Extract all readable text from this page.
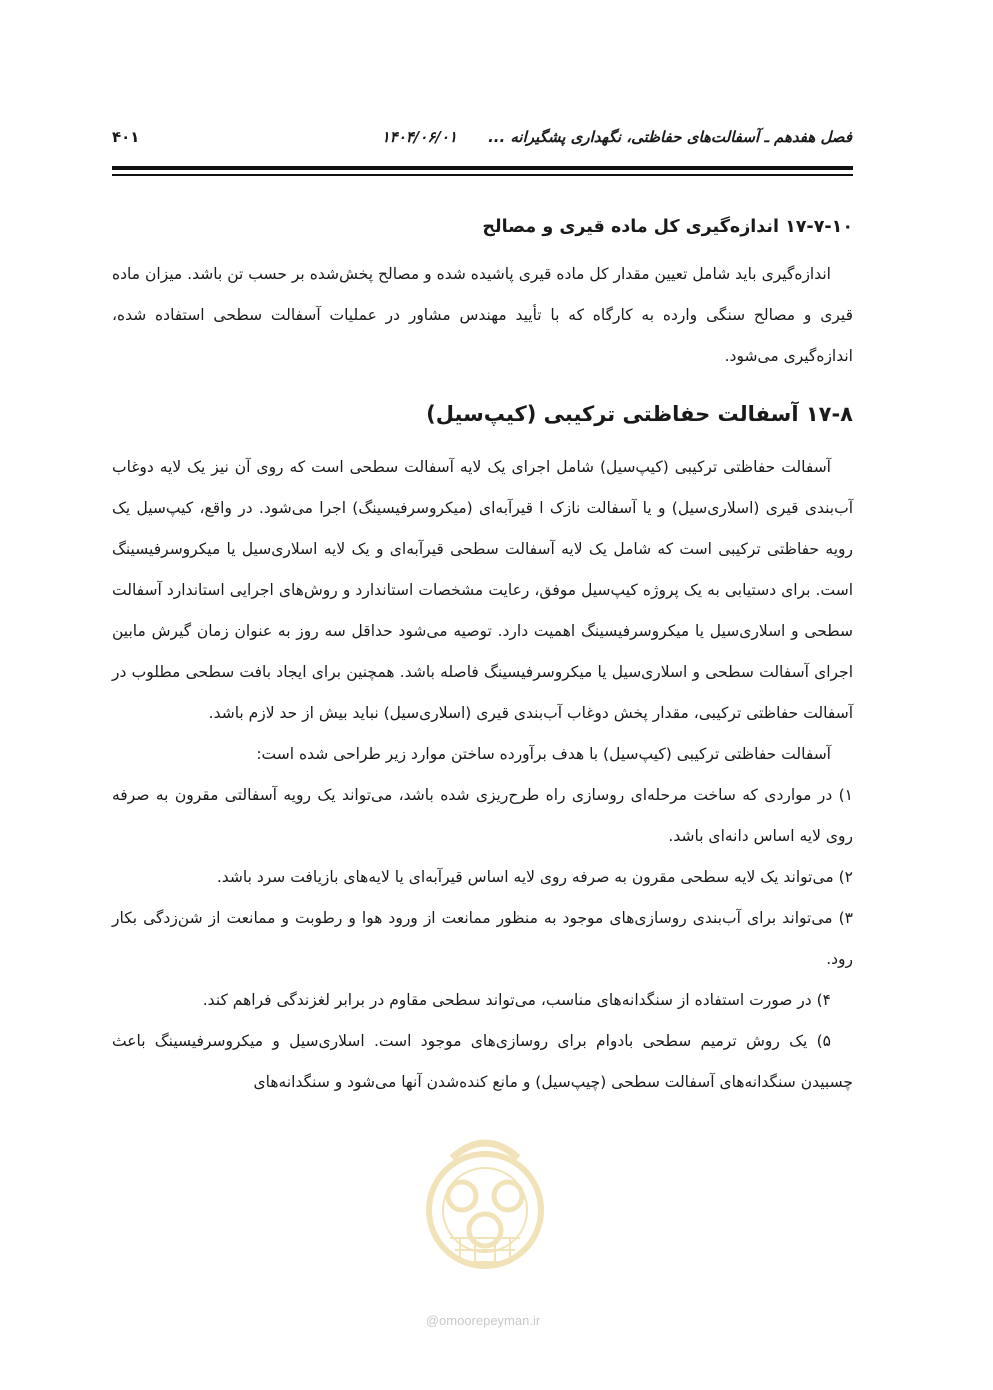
فصل هفدهم ـ آسفالت‌های حفاظتی، نگهداری پشگیرانه ...
۱۴۰۴/۰۶/۰۱
۴۰۱
۱۷-۷-۱۰ اندازه‌گیری کل ماده قیری و مصالح

اندازه‌گیری باید شامل تعیین مقدار کل ماده قیری پاشیده شده و مصالح پخش‌شده بر حسب تن باشد. میزان ماده قیری و مصالح سنگی وارده به کارگاه که با تأیید مهندس مشاور در عملیات آسفالت سطحی استفاده شده، اندازه‌گیری می‌شود.

۱۷-۸ آسفالت حفاظتی ترکیبی (کیپ‌سیل)

آسفالت حفاظتی ترکیبی (کیپ‌سیل) شامل اجرای یک لایه آسفالت سطحی است که روی آن نیز یک لایه دوغاب آب‌بندی قیری (اسلاری‌سیل) و یا آسفالت نازک ا قیرآبه‌ای (میکروسرفیسینگ) اجرا می‌شود. در واقع، کیپ‌سیل یک رویه حفاظتی ترکیبی است که شامل یک لایه آسفالت سطحی قیرآبه‌ای و یک لایه اسلاری‌سیل یا میکروسرفیسینگ است. برای دستیابی به یک پروژه کیپ‌سیل موفق، رعایت مشخصات استاندارد و روش‌های اجرایی استاندارد آسفالت سطحی و اسلاری‌سیل یا میکروسرفیسینگ اهمیت دارد. توصیه می‌شود حداقل سه روز به عنوان زمان گیرش مابین اجرای آسفالت سطحی و اسلاری‌سیل یا میکروسرفیسینگ فاصله باشد. همچنین برای ایجاد بافت سطحی مطلوب در آسفالت حفاظتی ترکیبی، مقدار پخش دوغاب آب‌بندی قیری (اسلاری‌سیل) نباید بیش از حد لازم باشد.

آسفالت حفاظتی ترکیبی (کیپ‌سیل) با هدف برآورده ساختن موارد زیر طراحی شده است:

۱) در مواردی که ساخت مرحله‌ای روسازی راه طرح‌ریزی شده باشد، می‌تواند یک رویه آسفالتی مقرون به صرفه روی لایه اساس دانه‌ای باشد.

۲) می‌تواند یک لایه سطحی مقرون به صرفه روی لایه اساس قیرآبه‌ای یا لایه‌های بازیافت سرد باشد.

۳) می‌تواند برای آب‌بندی روسازی‌های موجود به منظور ممانعت از ورود هوا و رطوبت و ممانعت از شن‌زدگی بکار رود.

۴) در صورت استفاده از سنگدانه‌های مناسب، می‌تواند سطحی مقاوم در برابر لغزندگی فراهم کند.

۵) یک روش ترمیم سطحی بادوام برای روسازی‌های موجود است. اسلاری‌سیل و میکروسرفیسینگ باعث چسبیدن سنگدانه‌های آسفالت سطحی (چیپ‌سیل) و مانع کنده‌شدن آنها می‌شود و سنگدانه‌های

@omoorepeyman.ir
